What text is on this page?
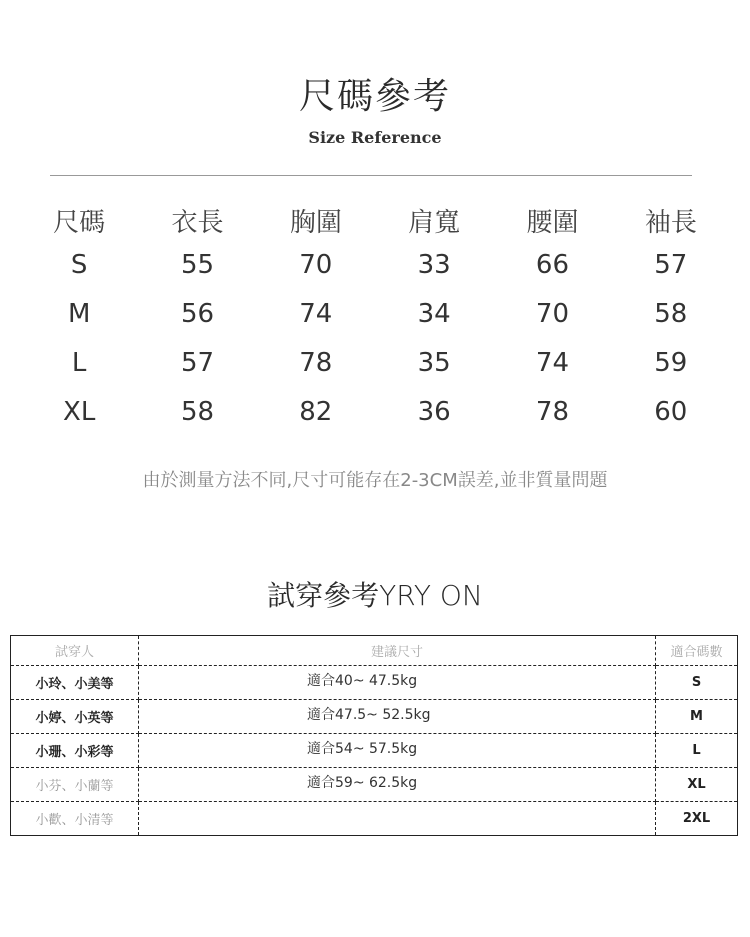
尺碼參考
Size Reference
尺碼	衣長	胸圍	肩寬	腰圍	袖長
S	55	70	33	66	57
M	56	74	34	70	58
L	57	78	35	74	59
XL	58	82	36	78	60
由於測量方法不同,尺寸可能存在2-3CM誤差,並非質量問題
試穿參考YRY ON
試穿人	建議尺寸	適合碼數
小玲、小美等	適合40~ 47.5kg	S
小婷、小英等	適合47.5~ 52.5kg	M
小珊、小彩等	適合54~ 57.5kg	L
小芬、小蘭等	適合59~ 62.5kg	XL
小歡、小清等		2XL
